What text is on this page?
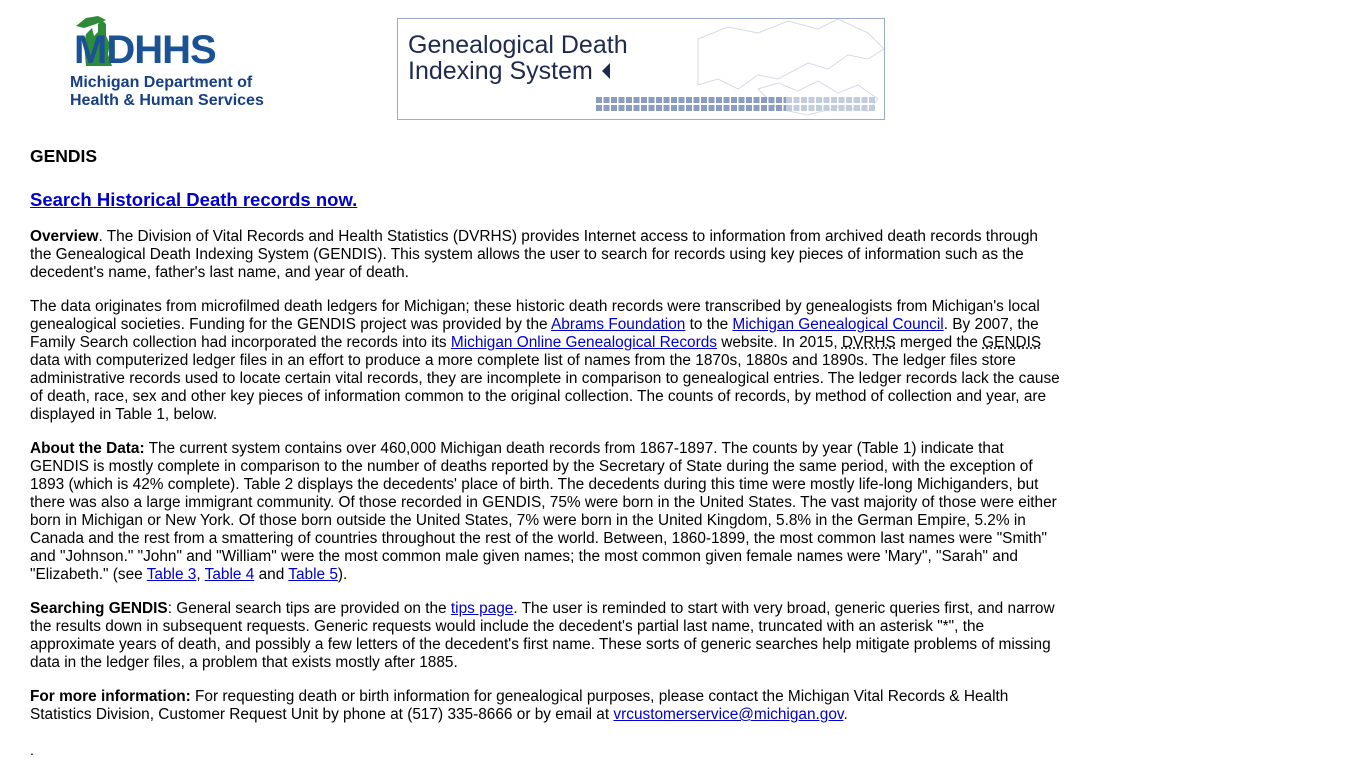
MDHHS
Michigan Department of
Health & Human Services
Genealogical Death
Indexing System
GENDIS
Search Historical Death records now.

Overview. The Division of Vital Records and Health Statistics (DVRHS) provides Internet access to information from archived death records through the Genealogical Death Indexing System (GENDIS). This system allows the user to search for records using key pieces of information such as the decedent's name, father's last name, and year of death.

The data originates from microfilmed death ledgers for Michigan; these historic death records were transcribed by genealogists from Michigan's local genealogical societies. Funding for the GENDIS project was provided by the Abrams Foundation to the Michigan Genealogical Council. By 2007, the Family Search collection had incorporated the records into its Michigan Online Genealogical Records website. In 2015, DVRHS merged the GENDIS data with computerized ledger files in an effort to produce a more complete list of names from the 1870s, 1880s and 1890s. The ledger files store administrative records used to locate certain vital records, they are incomplete in comparison to genealogical entries. The ledger records lack the cause of death, race, sex and other key pieces of information common to the original collection. The counts of records, by method of collection and year, are displayed in Table 1, below.

About the Data: The current system contains over 460,000 Michigan death records from 1867-1897. The counts by year (Table 1) indicate that GENDIS is mostly complete in comparison to the number of deaths reported by the Secretary of State during the same period, with the exception of 1893 (which is 42% complete). Table 2 displays the decedents' place of birth. The decedents during this time were mostly life-long Michiganders, but there was also a large immigrant community. Of those recorded in GENDIS, 75% were born in the United States. The vast majority of those were either born in Michigan or New York. Of those born outside the United States, 7% were born in the United Kingdom, 5.8% in the German Empire, 5.2% in Canada and the rest from a smattering of countries throughout the rest of the world. Between, 1860-1899, the most common last names were "Smith" and "Johnson." "John" and "William" were the most common male given names; the most common given female names were 'Mary", "Sarah" and "Elizabeth." (see Table 3, Table 4 and Table 5).

Searching GENDIS: General search tips are provided on the tips page. The user is reminded to start with very broad, generic queries first, and narrow the results down in subsequent requests. Generic requests would include the decedent's partial last name, truncated with an asterisk "*", the approximate years of death, and possibly a few letters of the decedent's first name. These sorts of generic searches help mitigate problems of missing data in the ledger files, a problem that exists mostly after 1885.

For more information: For requesting death or birth information for genealogical purposes, please contact the Michigan Vital Records & Health Statistics Division, Customer Request Unit by phone at (517) 335-8666 or by email at vrcustomerservice@michigan.gov.

.
